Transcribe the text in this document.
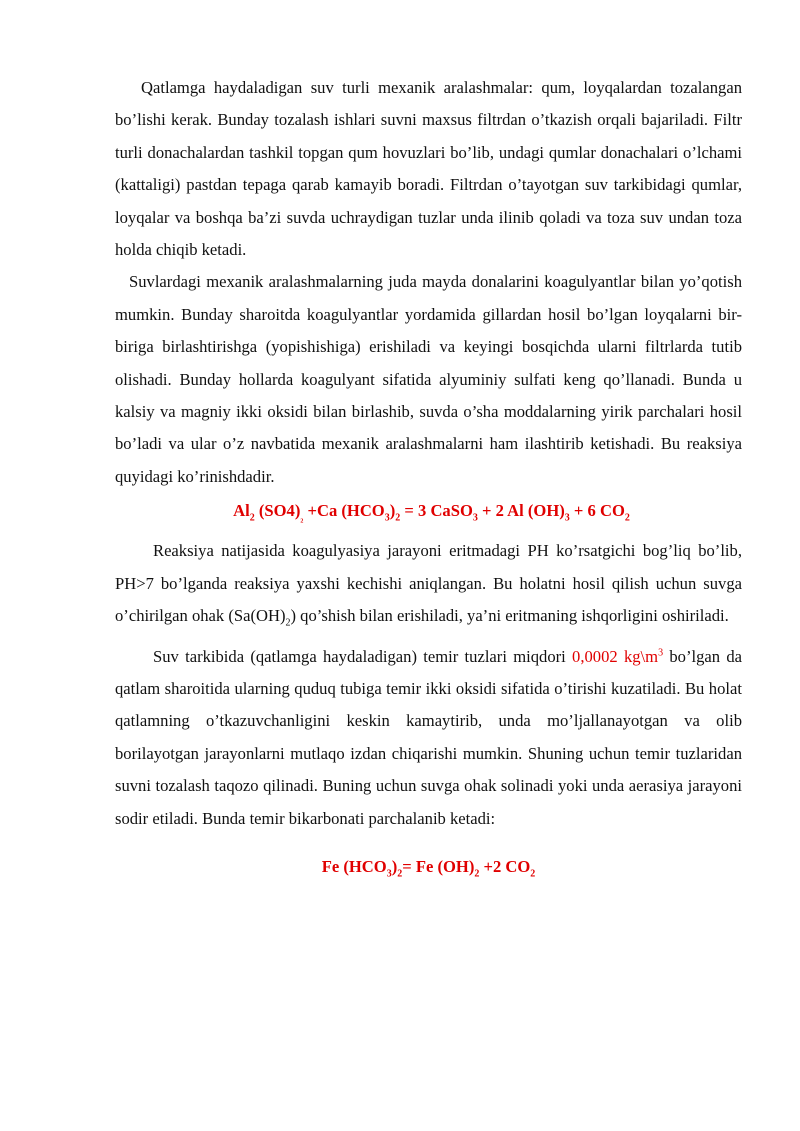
Qatlamga haydaladigan suv turli mexanik aralashmalar: qum, loyqalardan tozalangan bo’lishi kerak. Bunday tozalash ishlari suvni maxsus filtrdan o’tkazish orqali bajariladi. Filtr turli donachalardan tashkil topgan qum hovuzlari bo’lib, undagi qumlar donachalari o’lchami (kattaligi) pastdan tepaga qarab kamayib boradi. Filtrdan o’tayotgan suv tarkibidagi qumlar, loyqalar va boshqa ba’zi suvda uchraydigan tuzlar unda ilinib qoladi va toza suv undan toza holda chiqib ketadi.

Suvlardagi mexanik aralashmalarning juda mayda donalarini koagulyantlar bilan yo’qotish mumkin. Bunday sharoitda koagulyantlar yordamida gillardan hosil bo’lgan loyqalarni bir-biriga birlashtirishga (yopishishiga) erishiladi va keyingi bosqichda ularni filtrlarda tutib olishadi. Bunday hollarda koagulyant sifatida alyuminiy sulfati keng qo’llanadi. Bunda u kalsiy va magniy ikki oksidi bilan birlashib, suvda o’sha moddalarning yirik parchalari hosil bo’ladi va ular o’z navbatida mexanik aralashmalarni ham ilashtirib ketishadi. Bu reaksiya quyidagi ko’rinishdadir.

$Al_2$ $(SO4)_{_2} +Ca$ $(HCO_3)_2 = 3$ CaSO$_3$ + 2 Al $(OH)_3 + 6$ $CO_2$

Reaksiya natijasida koagulyasiya jarayoni eritmadagi PH ko’rsatgichi bog’liq bo’lib, PH>7 bo’lganda reaksiya yaxshi kechishi aniqlangan. Bu holatni hosil qilish uchun suvga o’chirilgan ohak $(Sa(OH)_2)$ qo’shish bilan erishiladi, ya’ni eritmaning ishqorligini oshiriladi.

Suv tarkibida (qatlamga haydaladigan) temir tuzlari miqdori 0,0002 $kg\backslash m^3$ bo’lgan da qatlam sharoitida ularning quduq tubiga temir ikki oksidi sifatida o’tirishi kuzatiladi. Bu holat qatlamning o’tkazuvchanligini keskin kamaytirib, unda mo’ljallanayotgan va olib borilayotgan jarayonlarni mutlaqo izdan chiqarishi mumkin. Shuning uchun temir tuzlaridan suvni tozalash taqozo qilinadi. Buning uchun suvga ohak solinadi yoki unda aerasiya jarayoni sodir etiladi. Bunda temir bikarbonati parchalanib ketadi:

Fe $(HCO_3)_2= Fe$ $(OH)_2 +2$ $CO_2$
